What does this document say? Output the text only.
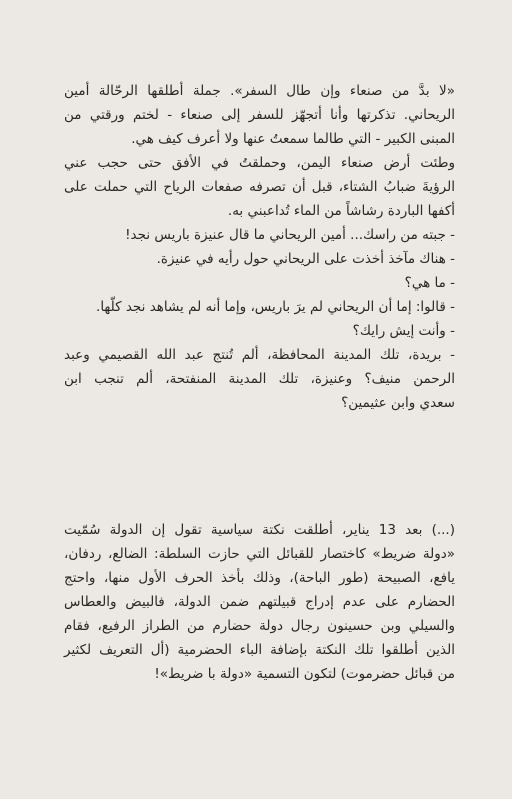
«لا بدَّ من صنعاء وإن طال السفر». جملة أطلقها الرحّالة أمين
الريحاني. تذكرتها وأنا أتجهّز للسفر إلى صنعاء - لختم ورقتي من
المبنى الكبير - التي طالما سمعتُ عنها ولا أعرف كيف هي.
وطئت أرض صنعاء اليمن، وحملقتُ في الأفق حتى حجب عني
الرؤيةَ ضبابُ الشتاء، قبل أن تصرفه صفعات الرياح التي حملت على
أكفها الباردة رشاشاً من الماء تُداعبني به.
- جبته من راسك... أمين الريحاني ما قال عنيزة باريس نجد!
- هناك مآخذ أخذت على الريحاني حول رأيه في عنيزة.
- ما هي؟
- قالوا: إما أن الريحاني لم يرَ باريس، وإما أنه لم يشاهد نجد كلّها.
- وأنت إيش رايك؟
- بريدة، تلك المدينة المحافظة، ألم تُنتج عبد الله القصيمي وعبد
الرحمن منيف؟ وعنيزة، تلك المدينة المنفتحة، ألم تنجب ابن
سعدي وابن عثيمين؟
(...) بعد 13 يناير، أطلقت نكتة سياسية تقول إن الدولة سُمّيت
«دولة ضريط» كاختصار للقبائل التي حازت السلطة: الضالع، ردفان،
يافع، الصبيحة (طور الباحة)، وذلك بأخذ الحرف الأول منها، واحتج
الحضارم على عدم إدراج قبيلتهم ضمن الدولة، فالبيض والعطاس
والسيلي وبن حسينون رجال دولة حضارم من الطراز الرفيع، فقام
الذين أطلقوا تلك النكتة بإضافة الباء الحضرمية (أل التعريف لكثير
من قبائل حضرموت) لتكون التسمية «دولة با ضريط»!
